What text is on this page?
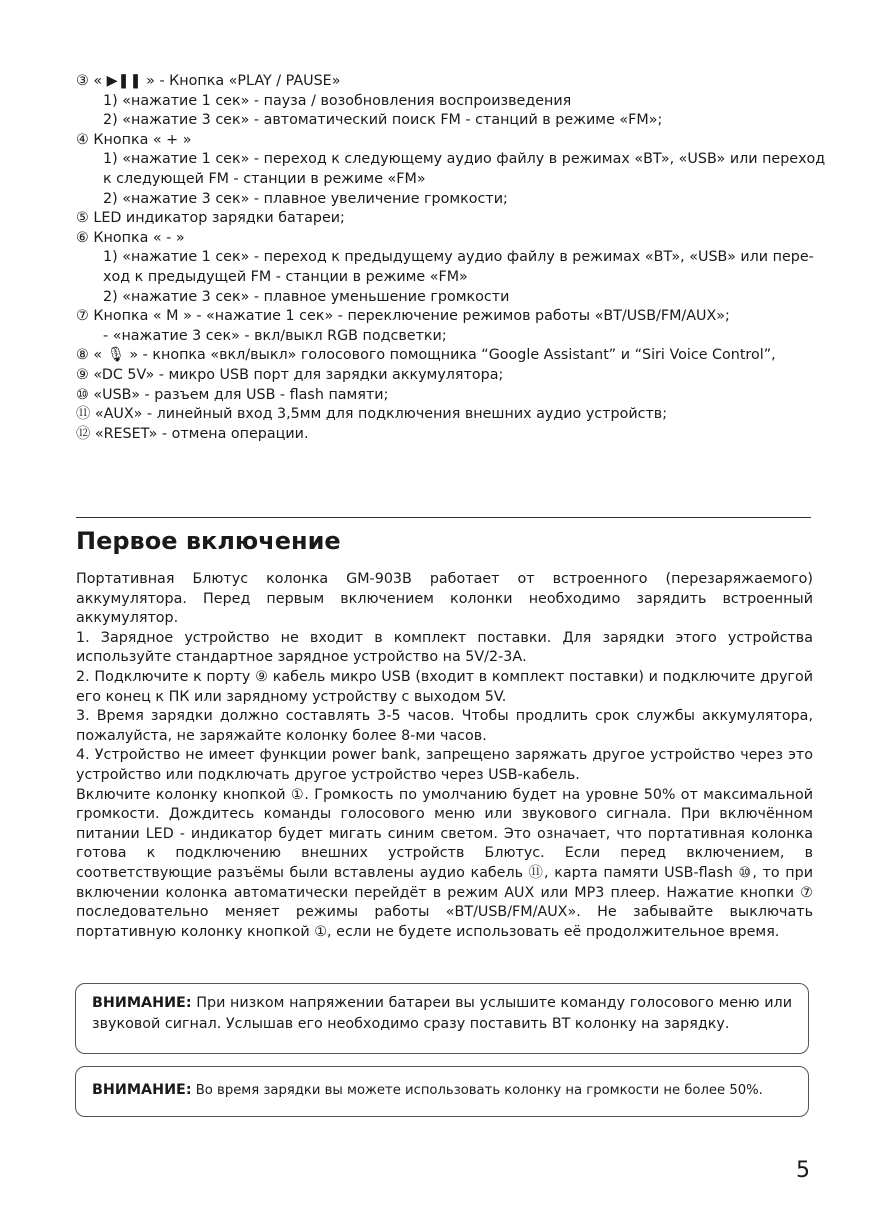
③ « ▶❚❚ » - Кнопка «PLAY / PAUSE»
1) «нажатие 1 сек» - пауза / возобновления воспроизведения
2) «нажатие 3 сек» - автоматический поиск FM - станций в режиме «FM»;
④ Кнопка « + »
1) «нажатие 1 сек» - переход к следующему аудио файлу в режимах «BT», «USB» или переход
к следующей FM - станции в режиме «FM»
2) «нажатие 3 сек» - плавное увеличение громкости;
⑤ LED индикатор зарядки батареи;
⑥ Кнопка « - »
1) «нажатие 1 сек» - переход к предыдущему аудио файлу в режимах «BT», «USB» или пере-
ход к предыдущей FM - станции в режиме «FM»
2) «нажатие 3 сек» - плавное уменьшение громкости
⑦ Кнопка « M » - «нажатие 1 сек» - переключение режимов работы «BT/USB/FM/AUX»;
- «нажатие 3 сек» - вкл/выкл RGB подсветки;
⑧ « 🎙 » - кнопка «вкл/выкл» голосового помощника “Google Assistant” и “Siri Voice Control”,
⑨ «DC 5V» - микро USB порт для зарядки аккумулятора;
⑩ «USB» - разъем для USB - flash памяти;
⑪ «AUX» - линейный вход 3,5мм для подключения внешних аудио устройств;
⑫ «RESET» - отмена операции.
Первое включение

Портативная Блютус колонка GM-903B работает от встроенного (перезаряжаемого) аккумулятора. Перед первым включением колонки необходимо зарядить встроенный аккумулятор.

1. Зарядное устройство не входит в комплект поставки. Для зарядки этого устройства используйте стандартное зарядное устройство на 5V/2-3А.

2. Подключите к порту ⑨ кабель микро USB (входит в комплект поставки) и подключите другой его конец к ПК или зарядному устройству с выходом 5V.

3. Время зарядки должно составлять 3-5 часов. Чтобы продлить срок службы аккумулятора, пожалуйста, не заряжайте колонку более 8-ми часов.

4. Устройство не имеет функции power bank, запрещено заряжать другое устройство через это устройство или подключать другое устройство через USB-кабель.

Включите колонку кнопкой ①. Громкость по умолчанию будет на уровне 50% от максимальной громкости. Дождитесь команды голосового меню или звукового сигнала. При включённом питании LED - индикатор будет мигать синим светом. Это означает, что портативная колонка готова к подключению внешних устройств Блютус. Если перед включением, в соответствующие разъёмы были вставлены аудио кабель ⑪, карта памяти USB-flash ⑩, то при включении колонка автоматически перейдёт в режим AUX или MP3 плеер. Нажатие кнопки ⑦ последовательно меняет режимы работы «BT/USB/FM/AUX». Не забывайте выключать портативную колонку кнопкой ①, если не будете использовать её продолжительное время.

ВНИМАНИЕ: При низком напряжении батареи вы услышите команду голосового меню или звуковой сигнал. Услышав его необходимо сразу поставить BT колонку на зарядку.
ВНИМАНИЕ: Во время зарядки вы можете использовать колонку на громкости не более 50%.
5
